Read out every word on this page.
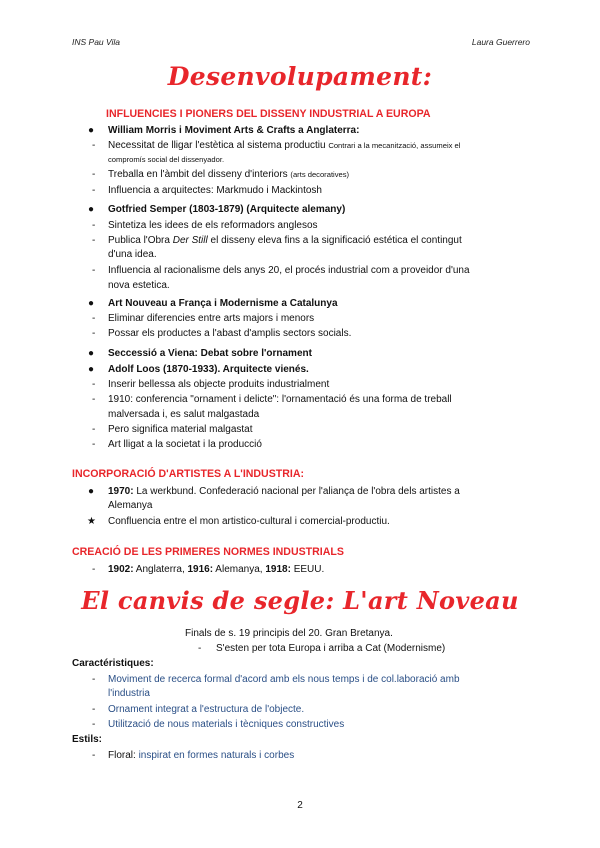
INS Pau Vila	Laura Guerrero
Desenvolupament:
INFLUENCIES I PIONERS DEL DISSENY INDUSTRIAL A EUROPA
● William Morris i Moviment Arts & Crafts a Anglaterra:
- Necessitat de lligar l'estètica al sistema productiu Contrari a la mecanització, assumeix el
compromís social del dissenyador.
- Treballa en l'àmbit del disseny d'interiors (arts decoratives)
- Influencia a arquitectes: Markmudo i Mackintosh
● Gotfried Semper (1803-1879) (Arquitecte alemany)
- Sintetiza les idees de els reformadors anglesos
- Publica l'Obra Der Still el disseny eleva fins a la significació estética el contingut
d'una idea.
- Influencia al racionalisme dels anys 20, el procés industrial com a proveidor d'una
nova estetica.
● Art Nouveau a França i Modernisme a Catalunya
- Eliminar diferencies entre arts majors i menors
- Possar els productes a l'abast d'amplis sectors socials.
● Seccessió a Viena: Debat sobre l'ornament
● Adolf Loos (1870-1933). Arquitecte vienés.
- Inserir bellessa als objecte produits industrialment
- 1910: conferencia "ornament i delicte": l'ornamentació és una forma de treball
malversada i, es salut malgastada
- Pero significa material malgastat
- Art lligat a la societat i la producció
INCORPORACIÓ D'ARTISTES A L'INDUSTRIA:
● 1970: La werkbund. Confederació nacional per l'aliança de l'obra dels artistes a
Alemanya
★ Confluencia entre el mon artistico-cultural i comercial-productiu.
CREACIÓ DE LES PRIMERES NORMES INDUSTRIALS
- 1902: Anglaterra, 1916: Alemanya, 1918: EEUU.
El canvis de segle: L'art Noveau
Finals de s. 19 principis del 20. Gran Bretanya.
- S'esten per tota Europa i arriba a Cat (Modernisme)
Caractéristiques:
- Moviment de recerca formal d'acord amb els nous temps i de col.laboració amb
l'industria
- Ornament integrat a l'estructura de l'objecte.
- Utilització de nous materials i tècniques constructives
Estils:
- Floral: inspirat en formes naturals i corbes
2
